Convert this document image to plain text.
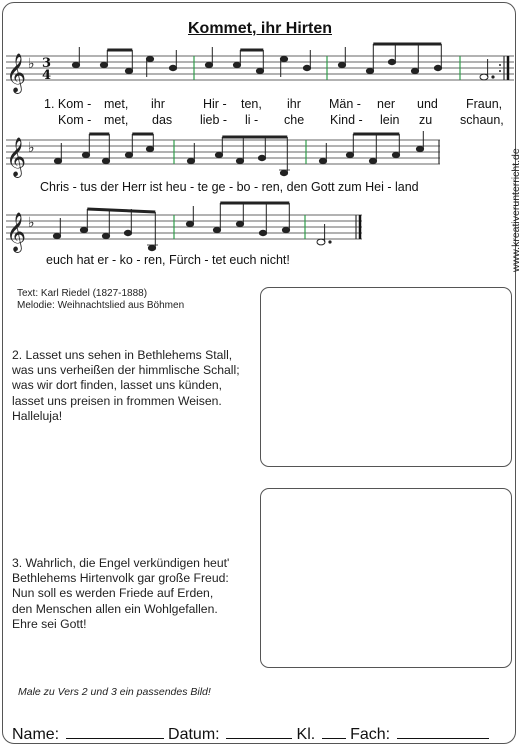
Kommet, ihr Hirten
𝄞 ♭ 3
4
1. Kom - met, ihr	Hir - ten, ihr Män - ner und Fraun,
Kom - met, das lieb - li - che Kind - lein zu schaun,
𝄞 ♭
Chris - tus der Herr ist heu - te ge - bo - ren, den Gott zum Hei - land
𝄞 ♭
euch hat er - ko - ren, Fürch - tet euch nicht!	www.kreativerunterricht.de
Text: Karl Riedel (1827-1888)
Melodie: Weihnachtslied aus Böhmen
2. Lasset uns sehen in Bethlehems Stall,
was uns verheißen der himmlische Schall;
was wir dort finden, lasset uns künden,
lasset uns preisen in frommen Weisen.
Halleluja!
3. Wahrlich, die Engel verkündigen heut'
Bethlehems Hirtenvolk gar große Freud:
Nun soll es werden Friede auf Erden,
den Menschen allen ein Wohlgefallen.
Ehre sei Gott!
Male zu Vers 2 und 3 ein passendes Bild!
Name:	Datum:	Kl. Fach:
